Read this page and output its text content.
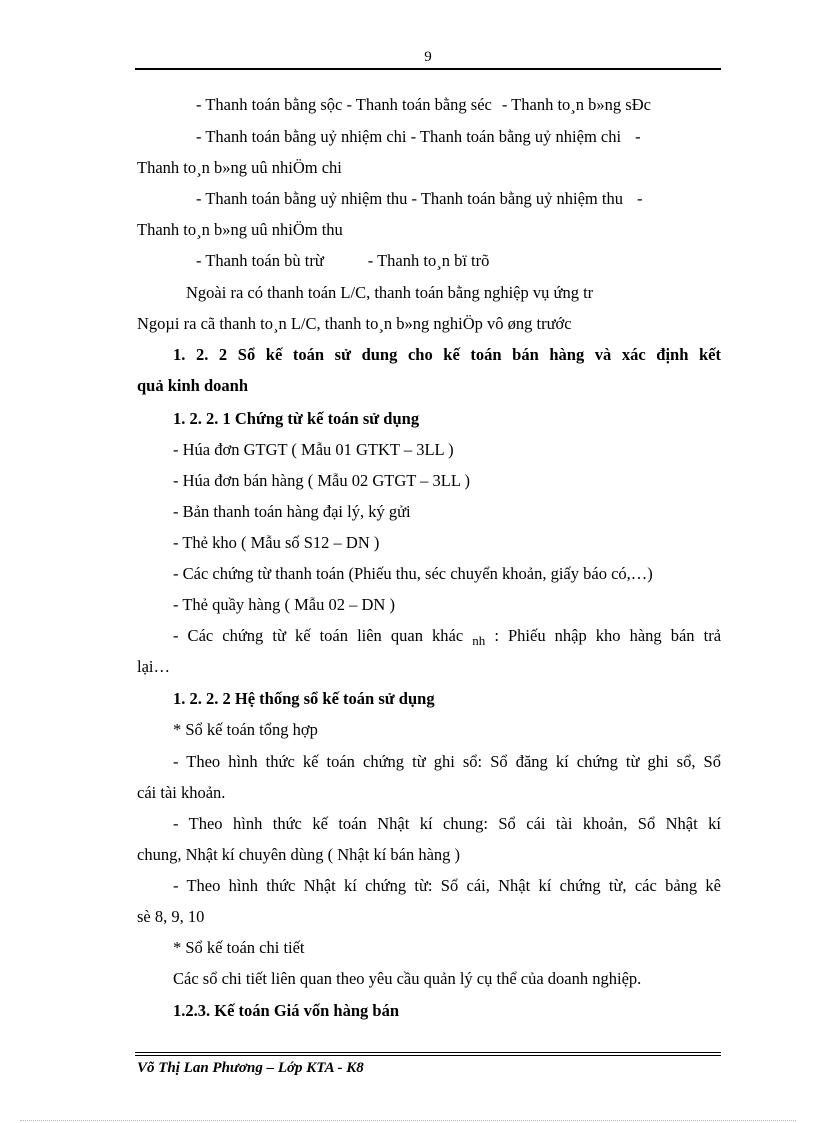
9
- Thanh toán bằng sộc - Thanh toán bằng séc - Thanh to¸n b»ng sÐc
- Thanh toán bằng uỷ nhiệm chi - Thanh toán bằng uỷ nhiệm chi -
Thanh to¸n b»ng uû nhiÖm chi
- Thanh toán bằng uỷ nhiệm thu - Thanh toán bằng uỷ nhiệm thu -
Thanh to¸n b»ng uû nhiÖm thu
- Thanh toán bù trừ	- Thanh to¸n bï trõ
Ngoài ra có thanh toán L/C, thanh toán bằng nghiệp vụ ứng tr
Ngoµi ra cã thanh to¸n L/C, thanh to¸n b»ng nghiÖp vô øng trước
1. 2. 2 Sổ kế toán sử dung cho kế toán bán hàng và xác định kết
quả kinh doanh
1. 2. 2. 1 Chứng từ kế toán sử dụng
- Húa đơn GTGT ( Mẫu 01 GTKT – 3LL )
- Húa đơn bán hàng ( Mẫu 02 GTGT – 3LL )
- Bản thanh toán hàng đại lý, ký gửi
- Thẻ kho ( Mẫu số S12 – DN )
- Các chứng từ thanh toán (Phiếu thu, séc chuyển khoản, giấy báo có,…)
- Thẻ quầy hàng ( Mẫu 02 – DN )
- Các chứng từ kế toán liên quan khác $_{nh}$ : Phiếu nhập kho hàng bán trả
lại…
1. 2. 2. 2 Hệ thống sổ kế toán sử dụng
* Sổ kế toán tổng hợp
- Theo hình thức kế toán chứng từ ghi sổ: Sổ đăng kí chứng từ ghi sổ, Sổ
cái tài khoản.
- Theo hình thức kế toán Nhật kí chung: Sổ cái tài khoản, Sổ Nhật kí
chung, Nhật kí chuyên dùng ( Nhật kí bán hàng )
- Theo hình thức Nhật kí chứng từ: Sổ cái, Nhật kí chứng từ, các bảng kê
sè 8, 9, 10
* Sổ kế toán chi tiết
Các sổ chi tiết liên quan theo yêu cầu quản lý cụ thể của doanh nghiệp.
1.2.3. Kế toán Giá vốn hàng bán
Võ Thị Lan Phương – Lớp KTA - K8
